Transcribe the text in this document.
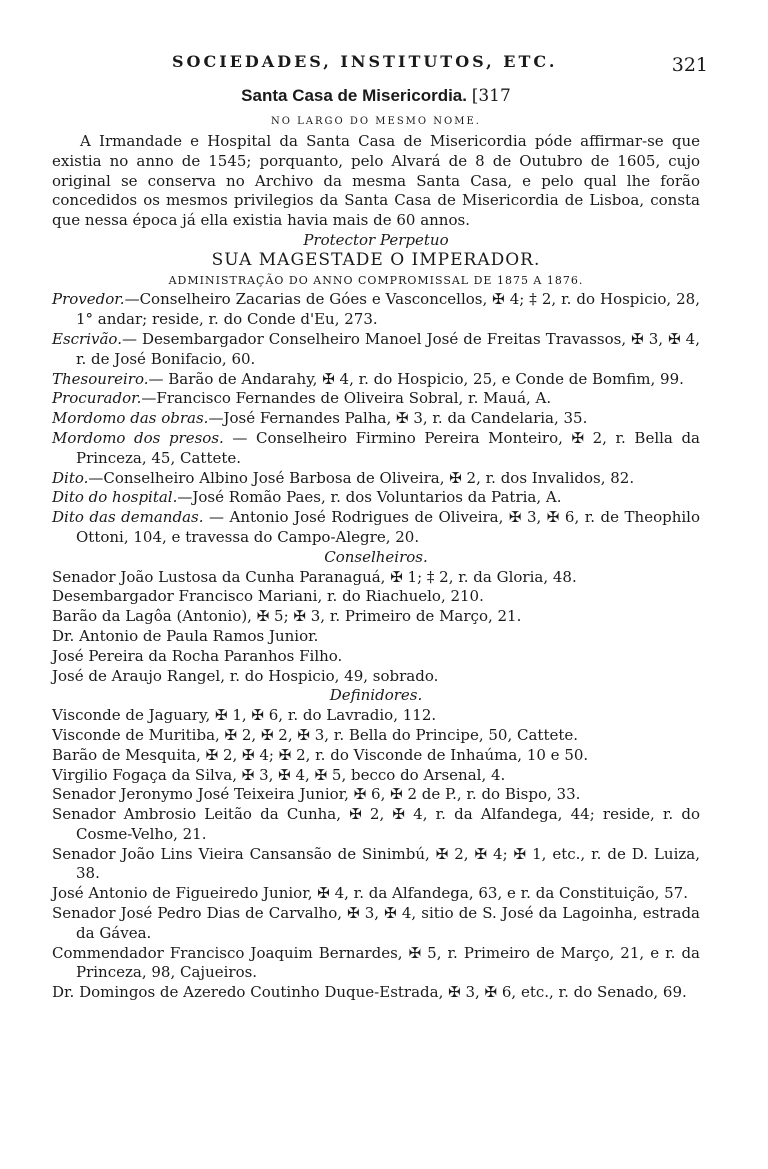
SOCIEDADES, INSTITUTOS, ETC.	321
Santa Casa de Misericordia. [317
NO LARGO DO MESMO NOME.

A Irmandade e Hospital da Santa Casa de Misericordia póde affirmar-se que existia no anno de 1545; porquanto, pelo Alvará de 8 de Outubro de 1605, cujo original se conserva no Archivo da mesma Santa Casa, e pelo qual lhe forão concedidos os mesmos privilegios da Santa Casa de Misericordia de Lisboa, consta que nessa época já ella existia havia mais de 60 annos.

Protector Perpetuo

SUA MAGESTADE O IMPERADOR.

ADMINISTRAÇÃO DO ANNO COMPROMISSAL DE 1875 A 1876.

Provedor.—Conselheiro Zacarias de Góes e Vasconcellos, ✠ 4; ‡ 2, r. do Hospicio, 28, 1° andar; reside, r. do Conde d'Eu, 273.

Escrivão.— Desembargador Conselheiro Manoel José de Freitas Travassos, ✠ 3, ✠ 4, r. de José Bonifacio, 60.

Thesoureiro.— Barão de Andarahy, ✠ 4, r. do Hospicio, 25, e Conde de Bomfim, 99.

Procurador.—Francisco Fernandes de Oliveira Sobral, r. Mauá, A.

Mordomo das obras.—José Fernandes Palha, ✠ 3, r. da Candelaria, 35.

Mordomo dos presos. — Conselheiro Firmino Pereira Monteiro, ✠ 2, r. Bella da Princeza, 45, Cattete.

Dito.—Conselheiro Albino José Barbosa de Oliveira, ✠ 2, r. dos Invalidos, 82.

Dito do hospital.—José Romão Paes, r. dos Voluntarios da Patria, A.

Dito das demandas. — Antonio José Rodrigues de Oliveira, ✠ 3, ✠ 6, r. de Theophilo Ottoni, 104, e travessa do Campo-Alegre, 20.

Conselheiros.

Senador João Lustosa da Cunha Paranaguá, ✠ 1; ‡ 2, r. da Gloria, 48.

Desembargador Francisco Mariani, r. do Riachuelo, 210.

Barão da Lagôa (Antonio), ✠ 5; ✠ 3, r. Primeiro de Março, 21.

Dr. Antonio de Paula Ramos Junior.

José Pereira da Rocha Paranhos Filho.

José de Araujo Rangel, r. do Hospicio, 49, sobrado.

Definidores.

Visconde de Jaguary, ✠ 1, ✠ 6, r. do Lavradio, 112.

Visconde de Muritiba, ✠ 2, ✠ 2, ✠ 3, r. Bella do Principe, 50, Cattete.

Barão de Mesquita, ✠ 2, ✠ 4; ✠ 2, r. do Visconde de Inhaúma, 10 e 50.

Virgilio Fogaça da Silva, ✠ 3, ✠ 4, ✠ 5, becco do Arsenal, 4.

Senador Jeronymo José Teixeira Junior, ✠ 6, ✠ 2 de P., r. do Bispo, 33.

Senador Ambrosio Leitão da Cunha, ✠ 2, ✠ 4, r. da Alfandega, 44; reside, r. do Cosme-Velho, 21.

Senador João Lins Vieira Cansansão de Sinimbú, ✠ 2, ✠ 4; ✠ 1, etc., r. de D. Luiza, 38.

José Antonio de Figueiredo Junior, ✠ 4, r. da Alfandega, 63, e r. da Constituição, 57.

Senador José Pedro Dias de Carvalho, ✠ 3, ✠ 4, sitio de S. José da Lagoinha, estrada da Gávea.

Commendador Francisco Joaquim Bernardes, ✠ 5, r. Primeiro de Março, 21, e r. da Princeza, 98, Cajueiros.

Dr. Domingos de Azeredo Coutinho Duque-Estrada, ✠ 3, ✠ 6, etc., r. do Senado, 69.
